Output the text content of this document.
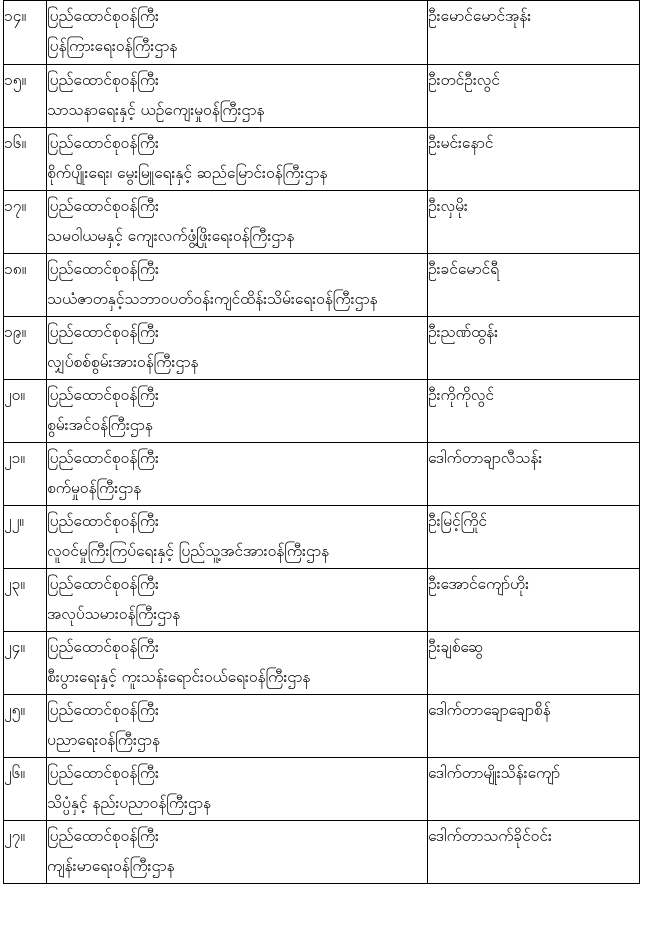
၁၄။	ပြည်ထောင်စုဝန်ကြီး
ပြန်ကြားရေးဝန်ကြီးဌာန	ဦးမောင်မောင်အုန်း

၁၅။	ပြည်ထောင်စုဝန်ကြီး
သာသနာရေးနှင့် ယဉ်ကျေးမှုဝန်ကြီးဌာန	ဦးတင်ဦးလွင်

၁၆။	ပြည်ထောင်စုဝန်ကြီး
စိုက်ပျိုးရေး၊ မွေးမြူရေးနှင့် ဆည်မြောင်းဝန်ကြီးဌာန	ဦးမင်းနောင်

၁၇။	ပြည်ထောင်စုဝန်ကြီး
သမဝါယမနှင့် ကျေးလက်ဖွံ့ဖြိုးရေးဝန်ကြီးဌာန	ဦးလှမိုး

၁၈။	ပြည်ထောင်စုဝန်ကြီး
သယံဇာတနှင့်သဘာဝပတ်ဝန်းကျင်ထိန်းသိမ်းရေးဝန်ကြီးဌာန	ဦးခင်မောင်ရီ

၁၉။	ပြည်ထောင်စုဝန်ကြီး
လျှပ်စစ်စွမ်းအားဝန်ကြီးဌာန	ဦးညဏ်ထွန်း

၂၀။	ပြည်ထောင်စုဝန်ကြီး
စွမ်းအင်ဝန်ကြီးဌာန	ဦးကိုကိုလွင်

၂၁။	ပြည်ထောင်စုဝန်ကြီး
စက်မှုဝန်ကြီးဌာန	ဒေါက်တာချာလီသန်း

၂၂။	ပြည်ထောင်စုဝန်ကြီး
လူဝင်မှုကြီးကြပ်ရေးနှင့် ပြည်သူ့အင်အားဝန်ကြီးဌာန	ဦးမြင့်ကြိုင်

၂၃။	ပြည်ထောင်စုဝန်ကြီး
အလုပ်သမားဝန်ကြီးဌာန	ဦးအောင်ကျော်ဟိုး

၂၄။	ပြည်ထောင်စုဝန်ကြီး
စီးပွားရေးနှင့် ကူးသန်းရောင်းဝယ်ရေးဝန်ကြီးဌာန	ဦးချစ်ဆွေ

၂၅။	ပြည်ထောင်စုဝန်ကြီး
ပညာရေးဝန်ကြီးဌာန	ဒေါက်တာချောချောစိန်

၂၆။	ပြည်ထောင်စုဝန်ကြီး
သိပ္ပံနှင့် နည်းပညာဝန်ကြီးဌာန	ဒေါက်တာမျိုးသိန်းကျော်

၂၇။	ပြည်ထောင်စုဝန်ကြီး
ကျန်းမာရေးဝန်ကြီးဌာန	ဒေါက်တာသက်ခိုင်ဝင်း
